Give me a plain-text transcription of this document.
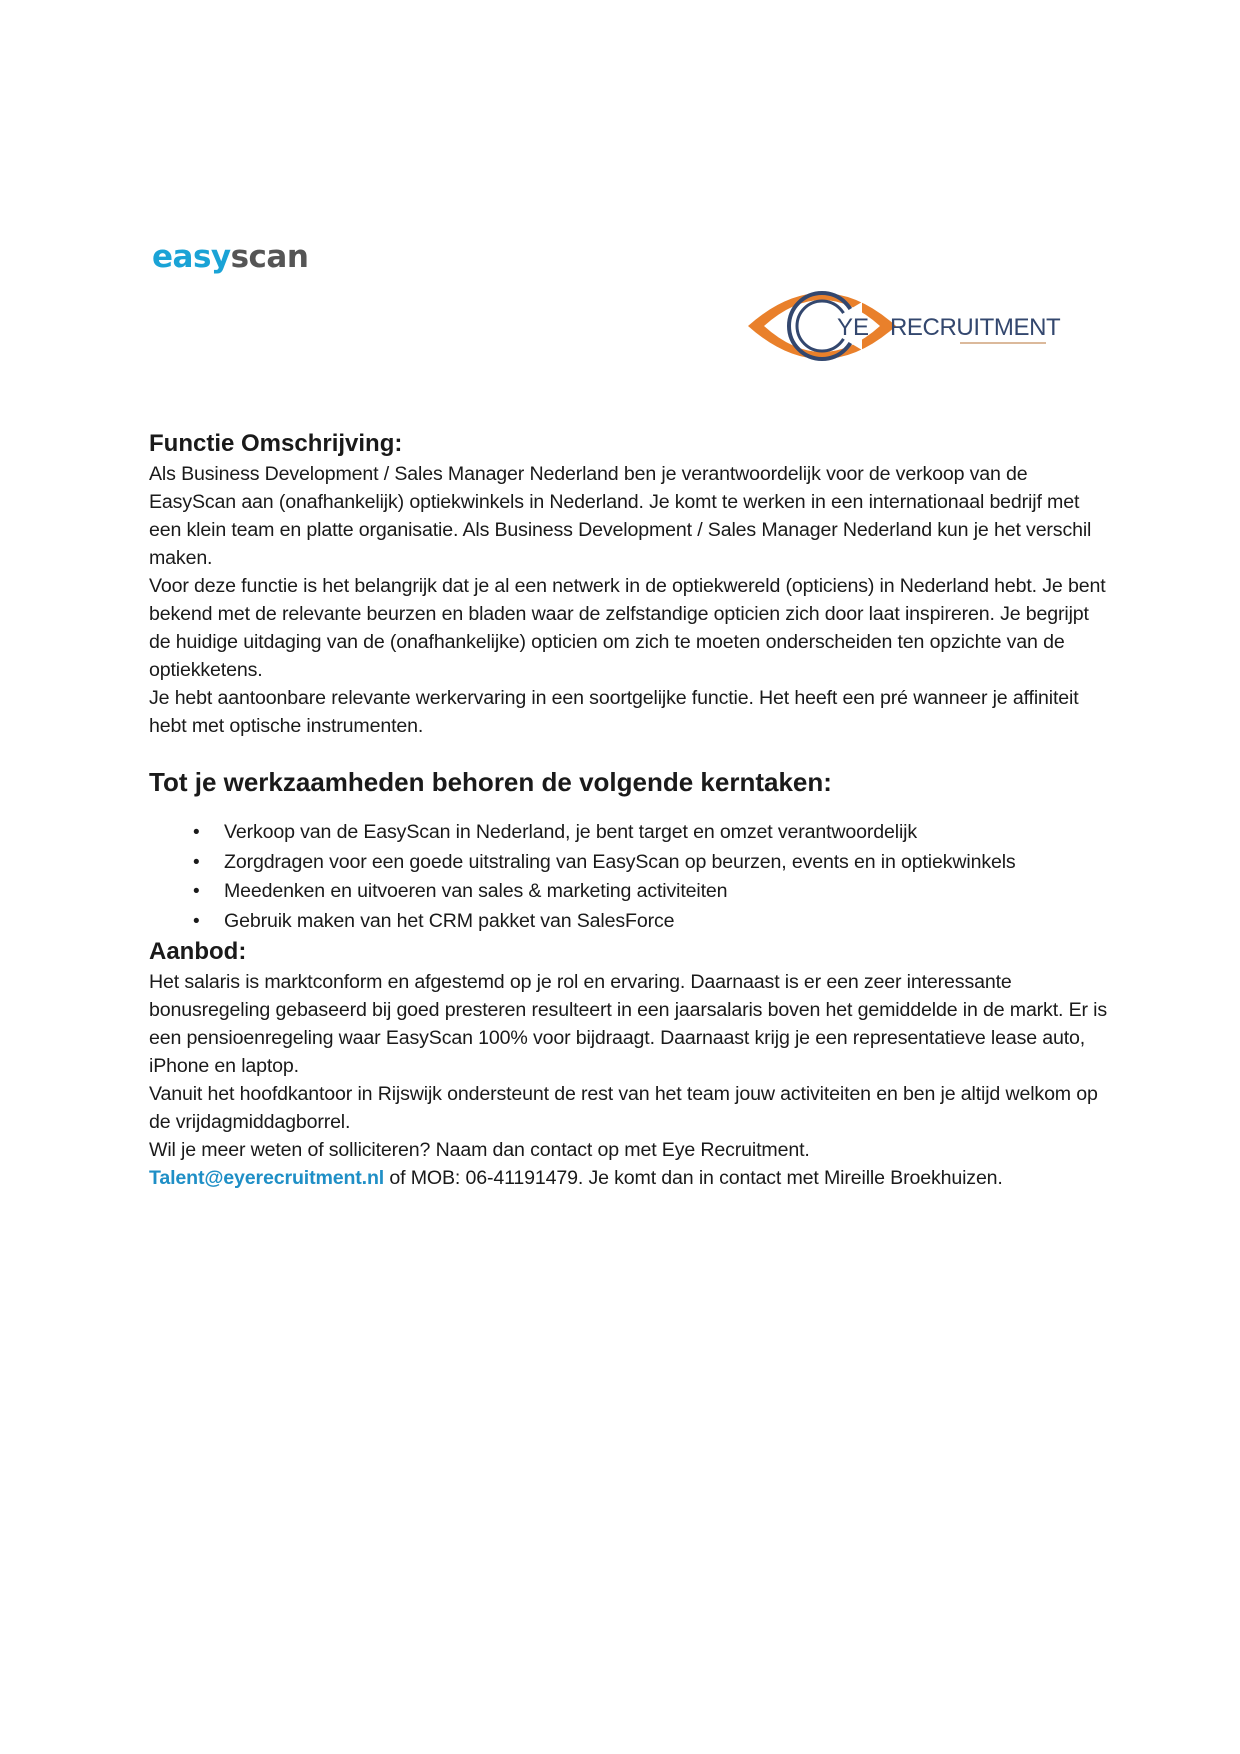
easyscan
YE RECRUITMENT
Functie Omschrijving:

Als Business Development / Sales Manager Nederland ben je verantwoordelijk voor de verkoop van de EasyScan aan (onafhankelijk) optiekwinkels in Nederland. Je komt te werken in een internationaal bedrijf met een klein team en platte organisatie. Als Business Development / Sales Manager Nederland kun je het verschil maken.

Voor deze functie is het belangrijk dat je al een netwerk in de optiekwereld (opticiens) in Nederland hebt. Je bent bekend met de relevante beurzen en bladen waar de zelfstandige opticien zich door laat inspireren. Je begrijpt de huidige uitdaging van de (onafhankelijke) opticien om zich te moeten onderscheiden ten opzichte van de optiekketens.

Je hebt aantoonbare relevante werkervaring in een soortgelijke functie. Het heeft een pré wanneer je affiniteit hebt met optische instrumenten.

Tot je werkzaamheden behoren de volgende kerntaken:
• Verkoop van de EasyScan in Nederland, je bent target en omzet verantwoordelijk
• Zorgdragen voor een goede uitstraling van EasyScan op beurzen, events en in optiekwinkels
• Meedenken en uitvoeren van sales & marketing activiteiten
• Gebruik maken van het CRM pakket van SalesForce
Aanbod:

Het salaris is marktconform en afgestemd op je rol en ervaring. Daarnaast is er een zeer interessante bonusregeling gebaseerd bij goed presteren resulteert in een jaarsalaris boven het gemiddelde in de markt. Er is een pensioenregeling waar EasyScan 100% voor bijdraagt. Daarnaast krijg je een representatieve lease auto, iPhone en laptop.

Vanuit het hoofdkantoor in Rijswijk ondersteunt de rest van het team jouw activiteiten en ben je altijd welkom op de vrijdagmiddagborrel.

Wil je meer weten of solliciteren? Naam dan contact op met Eye Recruitment.
Talent@eyerecruitment.nl of MOB: 06-41191479. Je komt dan in contact met Mireille Broekhuizen.
